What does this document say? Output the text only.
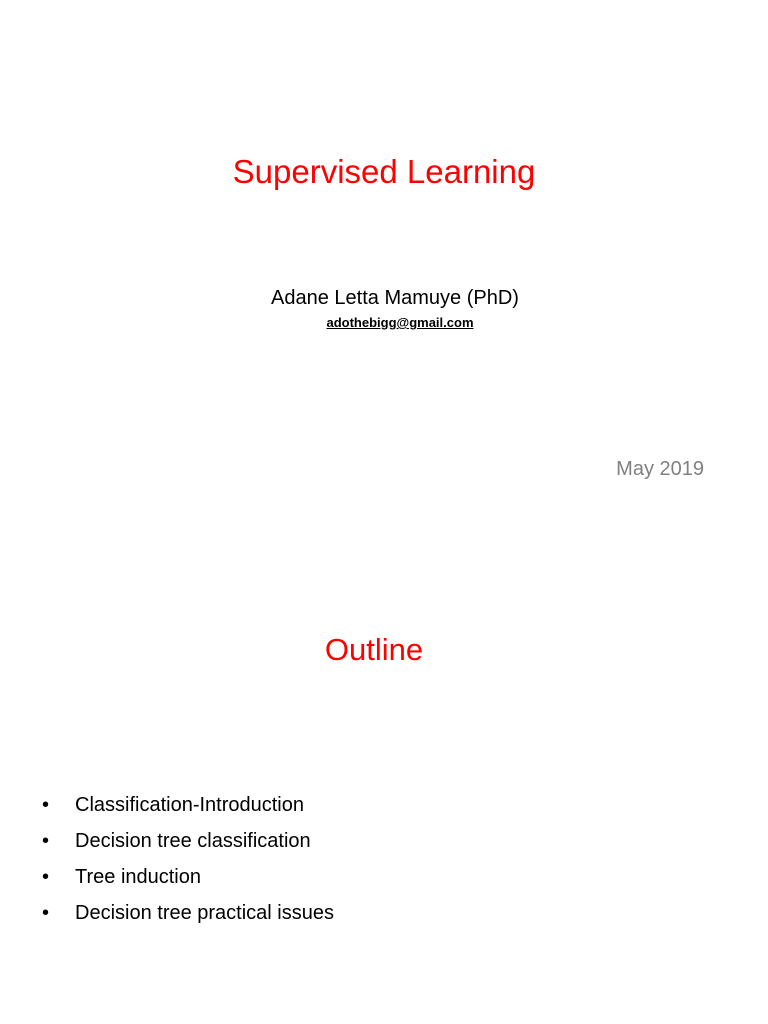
Supervised Learning

Adane Letta Mamuye (PhD)

adothebigg@gmail.com

May 2019

Outline
• Classification-Introduction
• Decision tree classification
• Tree induction
• Decision tree practical issues
